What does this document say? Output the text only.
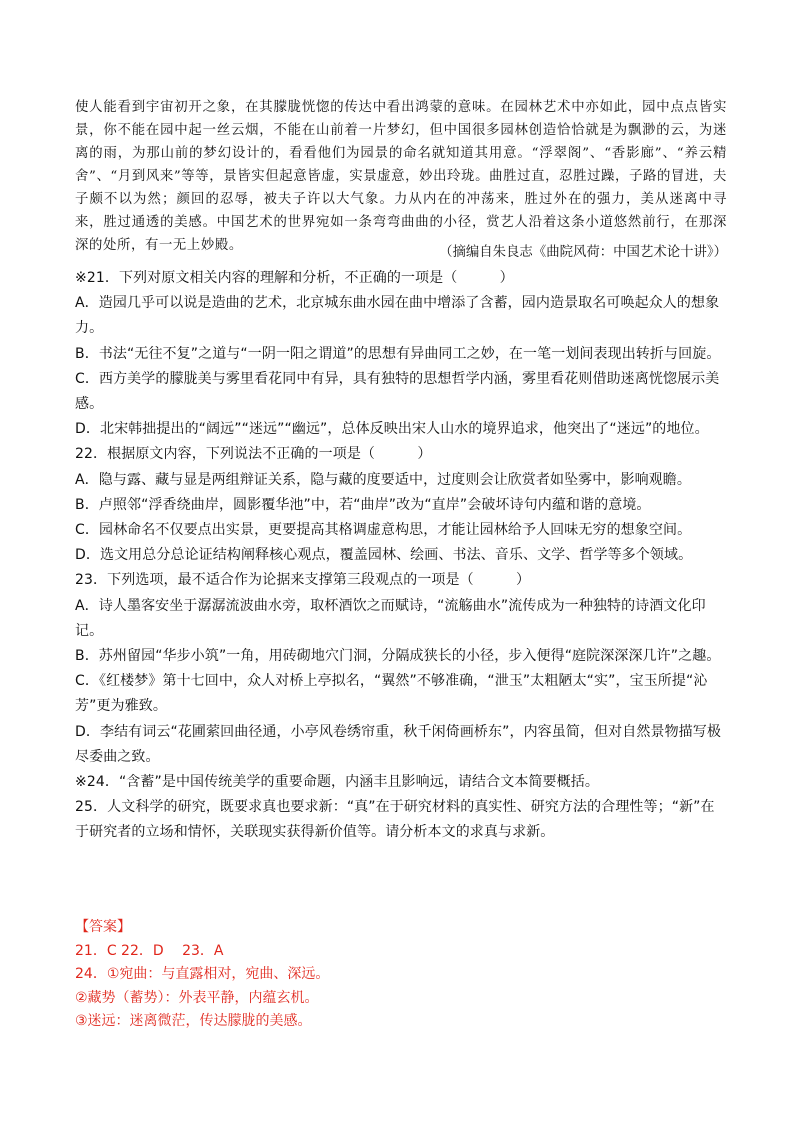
使人能看到宇宙初开之象，在其朦胧恍惚的传达中看出鸿蒙的意味。在园林艺术中亦如此，园中点点皆实景，你不能在园中起一丝云烟，不能在山前着一片梦幻，但中国很多园林创造恰恰就是为飘渺的云，为迷离的雨，为那山前的梦幻设计的，看看他们为园景的命名就知道其用意。“浮翠阁”、“香影廊”、“养云精舍”、“月到风来”等等，景皆实但起意皆虚，实景虚意，妙出玲珑。曲胜过直，忍胜过躁，子路的冒进，夫子颇不以为然；颜回的忍辱，被夫子许以大气象。力从内在的冲荡来，胜过外在的强力，美从迷离中寻来，胜过通透的美感。中国艺术的世界宛如一条弯弯曲曲的小径，赏艺人沿着这条小道悠然前行，在那深深的处所，有一无上妙殿。	（摘编自朱良志《曲院风荷：中国艺术论十讲》）

※21．下列对原文相关内容的理解和分析，不正确的一项是（　　　）

A．造园几乎可以说是造曲的艺术，北京城东曲水园在曲中增添了含蓄，园内造景取名可唤起众人的想象力。

B．书法“无往不复”之道与“一阴一阳之谓道”的思想有异曲同工之妙，在一笔一划间表现出转折与回旋。

C．西方美学的朦胧美与雾里看花同中有异，具有独特的思想哲学内涵，雾里看花则借助迷离恍惚展示美感。

D．北宋韩拙提出的“阔远”“迷远”“幽远”，总体反映出宋人山水的境界追求，他突出了“迷远”的地位。

22．根据原文内容，下列说法不正确的一项是（　　　）

A．隐与露、藏与显是两组辩证关系，隐与藏的度要适中，过度则会让欣赏者如坠雾中，影响观瞻。

B．卢照邻“浮香绕曲岸，圆影覆华池”中，若“曲岸”改为“直岸”会破坏诗句内蕴和谐的意境。

C．园林命名不仅要点出实景，更要提高其格调虚意构思，才能让园林给予人回味无穷的想象空间。

D．选文用总分总论证结构阐释核心观点，覆盖园林、绘画、书法、音乐、文学、哲学等多个领域。

23．下列选项，最不适合作为论据来支撑第三段观点的一项是（　　　）

A．诗人墨客安坐于潺潺流波曲水旁，取杯酒饮之而赋诗，“流觞曲水”流传成为一种独特的诗酒文化印记。

B．苏州留园“华步小筑”一角，用砖砌地穴门洞，分隔成狭长的小径，步入便得“庭院深深深几许”之趣。

C．《红楼梦》第十七回中，众人对桥上亭拟名，“翼然”不够准确，“泄玉”太粗陋太“实”，宝玉所提“沁芳”更为雅致。

D．李结有词云“花圃萦回曲径通，小亭风卷绣帘重，秋千闲倚画桥东”，内容虽简，但对自然景物描写极尽委曲之致。

※24．“含蓄”是中国传统美学的重要命题，内涵丰且影响远，请结合文本简要概括。

25．人文科学的研究，既要求真也要求新：“真”在于研究材料的真实性、研究方法的合理性等；“新”在于研究者的立场和情怀，关联现实获得新价值等。请分析本文的求真与求新。

【答案】

21．C 22．D　 23．A

24．①宛曲：与直露相对，宛曲、深远。

②藏势（蓄势）：外表平静，内蕴玄机。

③迷远：迷离微茫，传达朦胧的美感。
